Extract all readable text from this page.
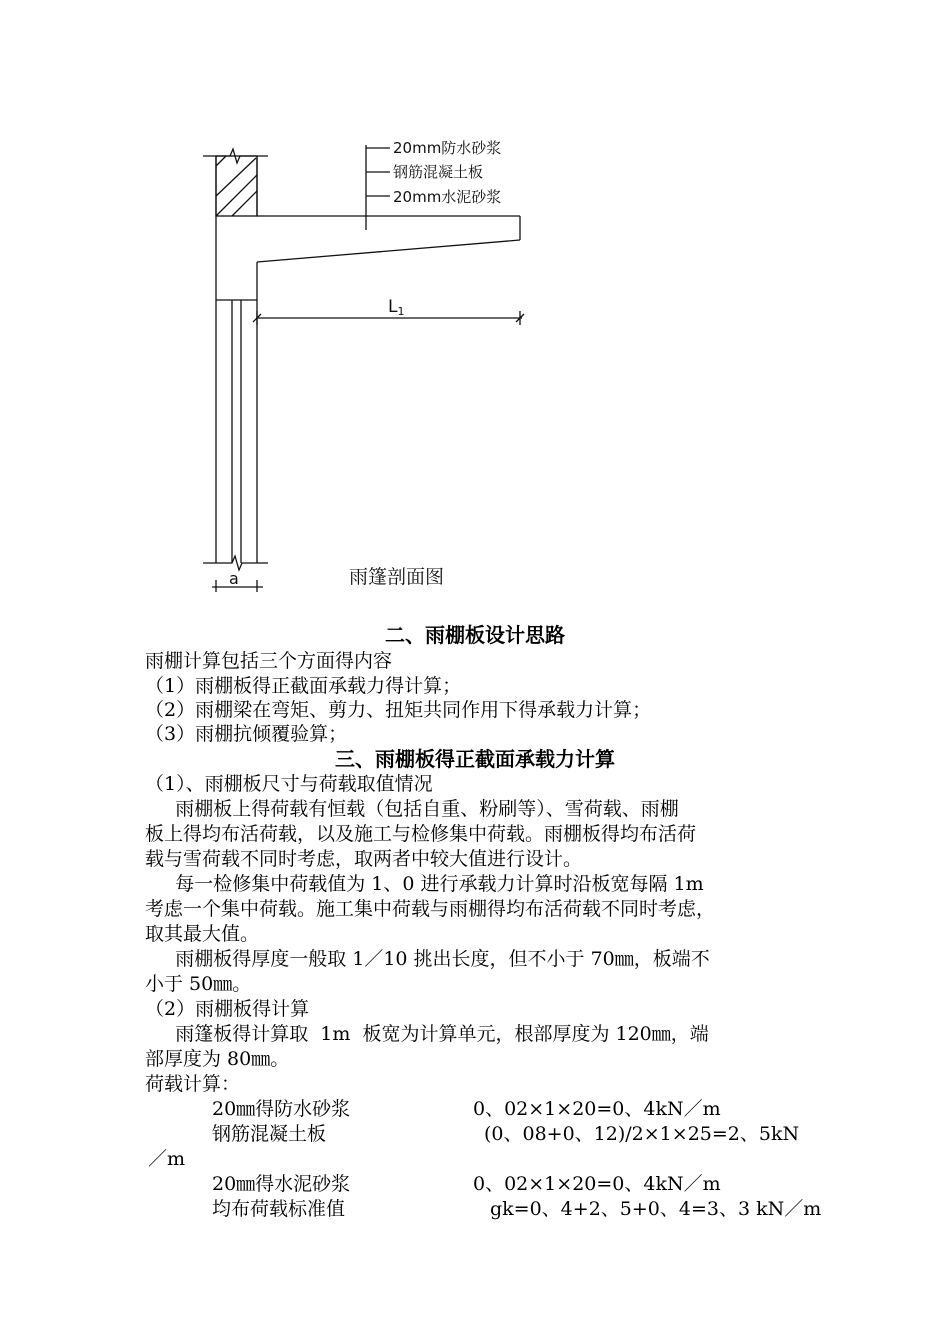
20mm防水砂浆
钢筋混凝土板
20mm水泥砂浆
L1
a	雨篷剖面图
二、雨棚板设计思路
雨棚计算包括三个方面得内容
（1）雨棚板得正截面承载力得计算；
（2）雨棚梁在弯矩、剪力、扭矩共同作用下得承载力计算；
（3）雨棚抗倾覆验算；
三、雨棚板得正截面承载力计算
（1）、雨棚板尺寸与荷载取值情况
雨棚板上得荷载有恒载（包括自重、粉刷等）、雪荷载、雨棚
板上得均布活荷载，以及施工与检修集中荷载。雨棚板得均布活荷
载与雪荷载不同时考虑，取两者中较大值进行设计。
每一检修集中荷载值为 1、0 进行承载力计算时沿板宽每隔 1m
考虑一个集中荷载。施工集中荷载与雨棚得均布活荷载不同时考虑，
取其最大值。
雨棚板得厚度一般取 1／10 挑出长度，但不小于 70㎜，板端不
小于 50㎜。
（2）雨棚板得计算
雨篷板得计算取  1m  板宽为计算单元，根部厚度为 120㎜，端
部厚度为 80㎜。
荷载计算：
20㎜得防水砂浆	0、02×1×20=0、4kN／m
钢筋混凝土板	(0、08+0、12)/2×1×25=2、5kN
／m
20㎜得水泥砂浆	0、02×1×20=0、4kN／m
均布荷载标准值	gk=0、4+2、5+0、4=3、3 kN／m
